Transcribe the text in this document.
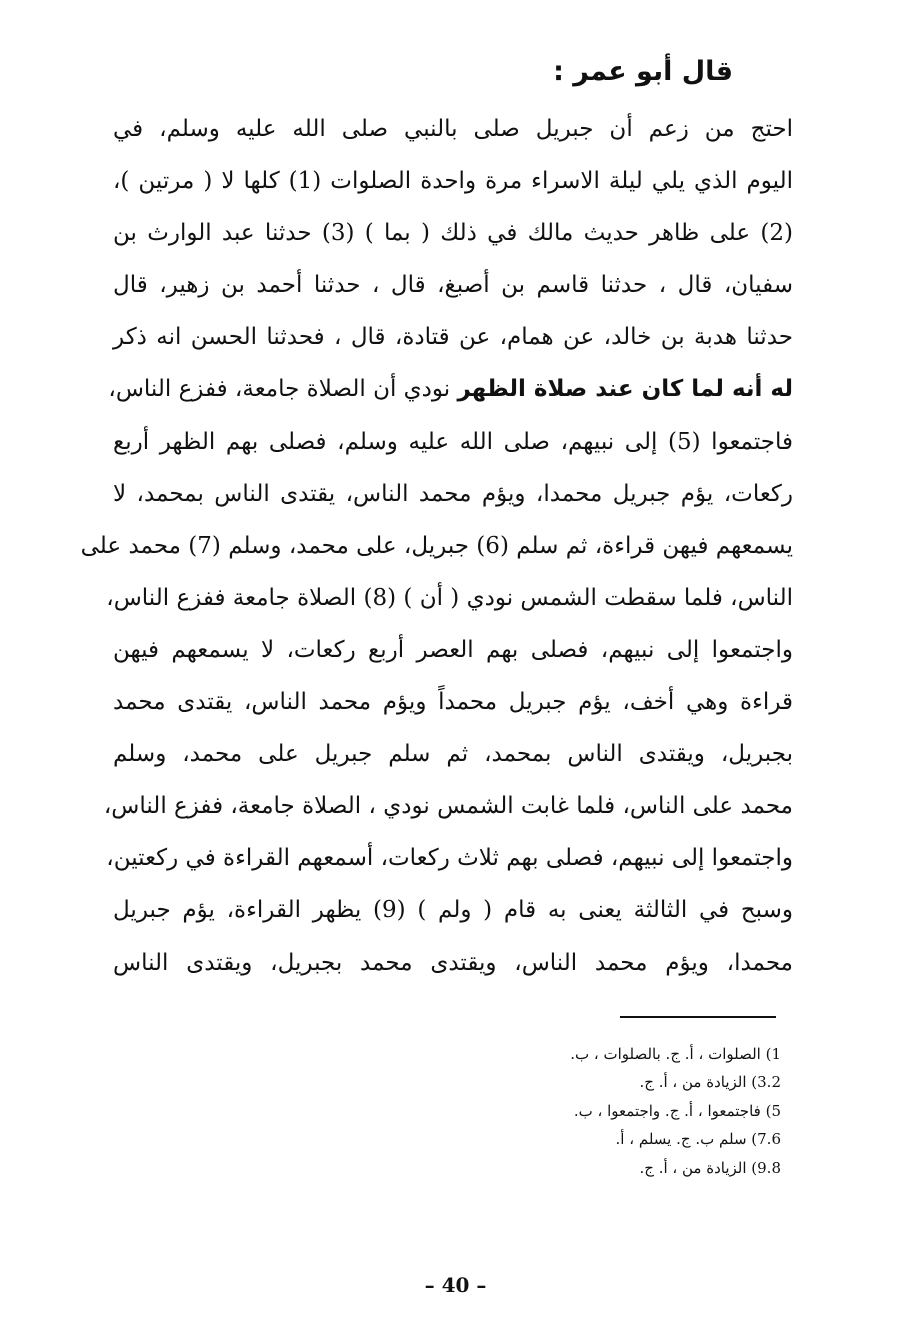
قال أبو عمر :
احتج من زعم أن جبريل صلى بالنبي صلى الله عليه وسلم، في
اليوم الذي يلي ليلة الاسراء مرة واحدة الصلوات (1) كلها لا ( مرتين )،
(2) على ظاهر حديث مالك في ذلك ( بما ) (3) حدثنا عبد الوارث بن
سفيان، قال ، حدثنا قاسم بن أصبغ، قال ، حدثنا أحمد بن زهير، قال
حدثنا هدبة بن خالد، عن همام، عن قتادة، قال ، فحدثنا الحسن انه ذكر
له أنه لما كان عند صلاة الظهر نودي أن الصلاة جامعة، ففزع الناس،
فاجتمعوا (5) إلى نبيهم، صلى الله عليه وسلم، فصلى بهم الظهر أربع
ركعات، يؤم جبريل محمدا، ويؤم محمد الناس، يقتدى الناس بمحمد، لا
يسمعهم فيهن قراءة، ثم سلم (6) جبريل، على محمد، وسلم (7) محمد على
الناس، فلما سقطت الشمس نودي ( أن ) (8) الصلاة جامعة ففزع الناس،
واجتمعوا إلى نبيهم، فصلى بهم العصر أربع ركعات، لا يسمعهم فيهن
قراءة وهي أخف، يؤم جبريل محمداً ويؤم محمد الناس، يقتدى محمد
بجبريل، ويقتدى الناس بمحمد، ثم سلم جبريل على محمد، وسلم
محمد على الناس، فلما غابت الشمس نودي ، الصلاة جامعة، ففزع الناس،
واجتمعوا إلى نبيهم، فصلى بهم ثلاث ركعات، أسمعهم القراءة في ركعتين،
وسبح في الثالثة يعنى به قام ( ولم ) (9) يظهر القراءة، يؤم جبريل
محمدا، ويؤم محمد الناس، ويقتدى محمد بجبريل، ويقتدى الناس
1) الصلوات ، أ. ج. بالصلوات ، ب.
3.2) الزيادة من ، أ. ج.
5) فاجتمعوا ، أ. ج. واجتمعوا ، ب.
7.6) سلم ب. ج. يسلم ، أ.
9.8) الزيادة من ، أ. ج.
– 40 –
